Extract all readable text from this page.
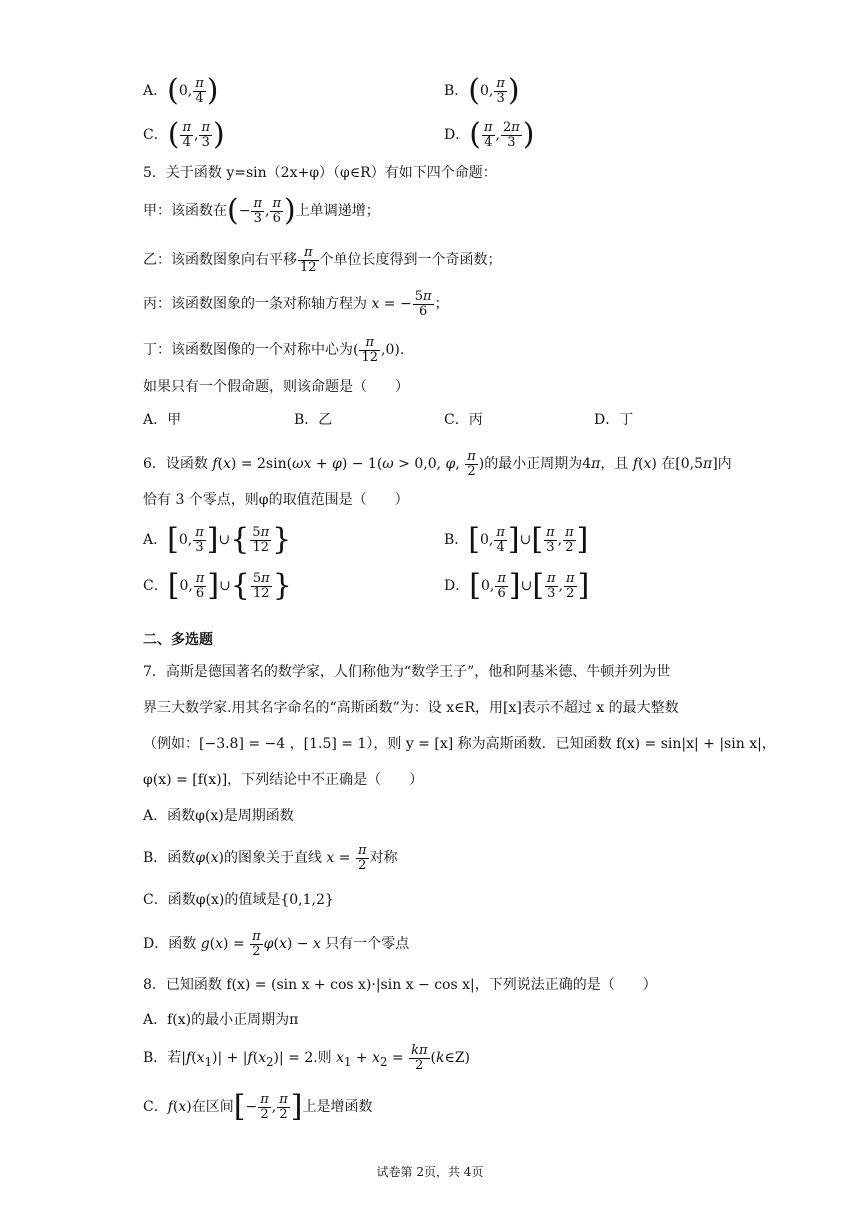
A．(0, $\frac{\pi}{4}$ )	B．(0, $\frac{\pi}{3}$ )
C．( $\frac{\pi}{4}$ , $\frac{\pi}{3}$ )	D．( $\frac{\pi}{4}$ , $\frac{2\pi}{3}$ )
5．关于函数 y=sin（2x+φ）（φ∈R）有如下四个命题：
甲：该函数在(− $\frac{\pi}{3}$ , $\frac{\pi}{6}$ )上单调递增；
乙：该函数图象向右平移 $\frac{\pi}{12}$ 个单位长度得到一个奇函数；
丙：该函数图象的一条对称轴方程为 x = − $\frac{5\pi}{6}$ ；
丁：该函数图像的一个对称中心为( $\frac{\pi}{12} ,0$).
如果只有一个假命题，则该命题是（　　）
A．甲	B．乙	C．丙	D．丁
6．设函数 f(x) = 2sin(ωx + φ) − 1(ω > 0,0, φ, $\frac{\pi}{2}$ )的最小正周期为4π，且 f(x) 在[0,5π]内
恰有 3 个零点，则φ的取值范围是（　　）
A．[0, $\frac{\pi}{3}$ ]∪{ $\frac{5\pi}{12}$ }	B．[0, $\frac{\pi}{4}$ ]∪[ $\frac{\pi}{3}$ , $\frac{\pi}{2}$ ]
C．[0, $\frac{\pi}{6}$ ]∪{ $\frac{5\pi}{12}$ }	D．[0, $\frac{\pi}{6}$ ]∪[ $\frac{\pi}{3}$ , $\frac{\pi}{2}$ ]
二、多选题
7．高斯是德国著名的数学家，人们称他为“数学王子”，他和阿基米德、牛顿并列为世
界三大数学家.用其名字命名的“高斯函数”为：设 x∈R，用[x]表示不超过 x 的最大整数
（例如：[−3.8] = −4 ，[1.5] = 1），则 y = [x] 称为高斯函数．已知函数 f(x) = sin|x| + |sin x|，
φ(x) = [f(x)]，下列结论中不正确是（　　）
A．函数φ(x)是周期函数
B．函数φ(x)的图象关于直线 $x = \frac{\pi}{2}$ 对称
C．函数φ(x)的值域是{0,1,2}
D．函数 $g(x) = \frac{\pi}{2} \varphi(x) - x$ 只有一个零点
8．已知函数 f(x) = (sin x + cos x)·|sin x − cos x|，下列说法正确的是（　　）
A．f(x)的最小正周期为π
B．若$|f(x_1)| + |f(x_2)| = 2$.则 $x_1 + x_2 = \frac{k\pi}{2}$ (k∈Z)
C．f(x)在区间[− $\frac{\pi}{2}$ , $\frac{\pi}{2}$ ]上是增函数
试卷第 2页，共 4页
